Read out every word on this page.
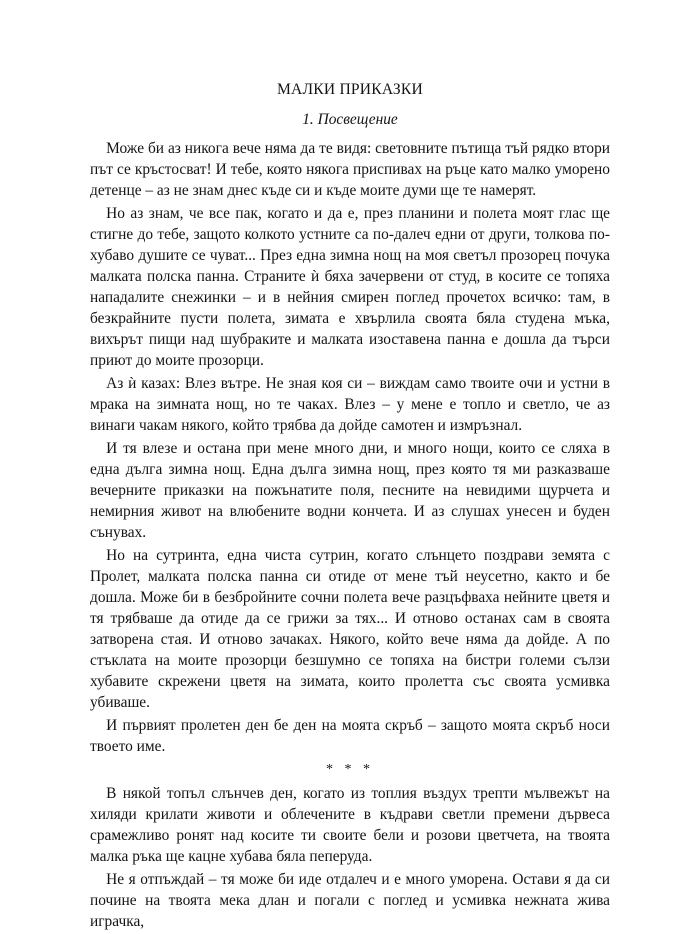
МАЛКИ ПРИКАЗКИ
1. Посвещение

Може би аз никога вече няма да те видя: световните пътища тъй рядко втори път се кръстосват! И тебе, която някога приспивах на ръце като малко уморено детенце – аз не знам днес къде си и къде моите думи ще те намерят.

Но аз знам, че все пак, когато и да е, през планини и полета моят глас ще стигне до тебе, защото колкото устните са по-далеч едни от други, толкова по-хубаво душите се чуват... През една зимна нощ на моя светъл прозорец почука малката полска панна. Страните ѝ бяха зачервени от студ, в косите се топяха нападалите снежинки – и в нейния смирен поглед прочетох всичко: там, в безкрайните пусти полета, зимата е хвърлила своята бяла студена мъка, вихърът пищи над шубраките и малката изоставена панна е дошла да търси приют до моите прозорци.

Аз ѝ казах: Влез вътре. Не зная коя си – виждам само твоите очи и устни в мрака на зимната нощ, но те чаках. Влез – у мене е топло и светло, че аз винаги чакам някого, който трябва да дойде самотен и измръзнал.

И тя влезе и остана при мене много дни, и много нощи, които се сляха в една дълга зимна нощ. Една дълга зимна нощ, през която тя ми разказваше вечерните приказки на пожънатите поля, песните на невидими щурчета и немирния живот на влюбените водни кончета. И аз слушах унесен и буден сънувах.

Но на сутринта, една чиста сутрин, когато слънцето поздрави земята с Пролет, малката полска панна си отиде от мене тъй неусетно, както и бе дошла. Може би в безбройните сочни полета вече разцъфваха нейните цветя и тя трябваше да отиде да се грижи за тях... И отново останах сам в своята затворена стая. И отново зачаках. Някого, който вече няма да дойде. А по стъклата на моите прозорци безшумно се топяха на бистри големи сълзи хубавите скрежени цветя на зимата, които пролетта със своята усмивка убиваше.

И първият пролетен ден бе ден на моята скръб – защото моята скръб носи твоето име.

* * *

В някой топъл слънчев ден, когато из топлия въздух трепти мълвежът на хиляди крилати животи и облечените в къдрави светли премени дървеса срамежливо ронят над косите ти своите бели и розови цветчета, на твоята малка ръка ще кацне хубава бяла пеперуда.

Не я отпъждай – тя може би иде отдалеч и е много уморена. Остави я да си почине на твоята мека длан и погали с поглед и усмивка нежната жива играчка,
